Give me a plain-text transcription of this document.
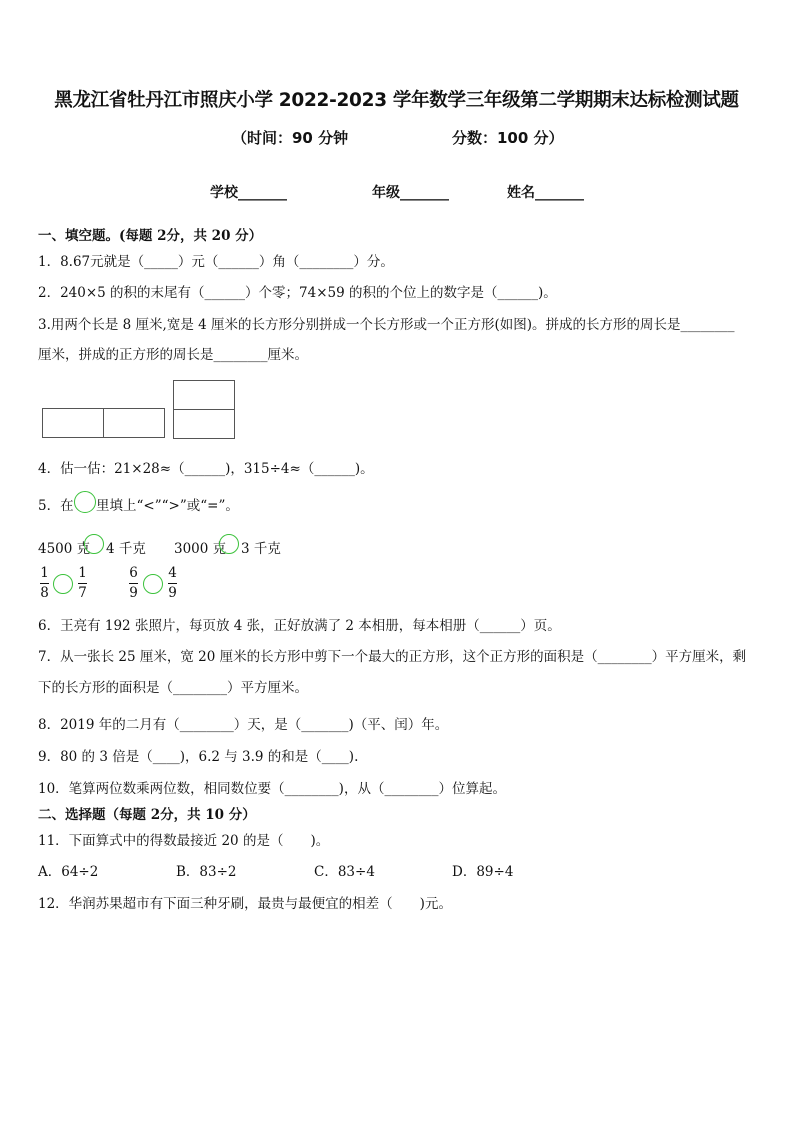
黑龙江省牡丹江市照庆小学 2022-2023 学年数学三年级第二学期期末达标检测试题
（时间：90 分钟	分数：100 分）
学校_______	年级_______	姓名_______
一、填空题。(每题 2分，共 20 分）
1．8.67元就是（_____）元（______）角（________）分。
2．240×5 的积的末尾有（______）个零；74×59 的积的个位上的数字是（______)。
3.用两个长是 8 厘米,宽是 4 厘米的长方形分别拼成一个长方形或一个正方形(如图)。拼成的长方形的周长是________
厘米，拼成的正方形的周长是________厘米。
4．估一估：21×28≈（______)，315÷4≈（______)。
5．在 里填上“<”“>”或“=”。
4500 克 4 千克 3000 克 3 千克
1
8
1
7
6
9
4
9
6．王亮有 192 张照片，每页放 4 张，正好放满了 2 本相册，每本相册（______）页。
7．从一张长 25 厘米，宽 20 厘米的长方形中剪下一个最大的正方形，这个正方形的面积是（________）平方厘米，剩
下的长方形的面积是（________）平方厘米。
8．2019 年的二月有（________）天，是（_______)（平、闰）年。
9．80 的 3 倍是（____)，6.2 与 3.9 的和是（____).
10．笔算两位数乘两位数，相同数位要（________)，从（________）位算起。
二、选择题（每题 2分，共 10 分）
11．下面算式中的得数最接近 20 的是（　　)。
A．64÷2	B．83÷2	C．83÷4	D．89÷4
12．华润苏果超市有下面三种牙刷，最贵与最便宜的相差（　　)元。
